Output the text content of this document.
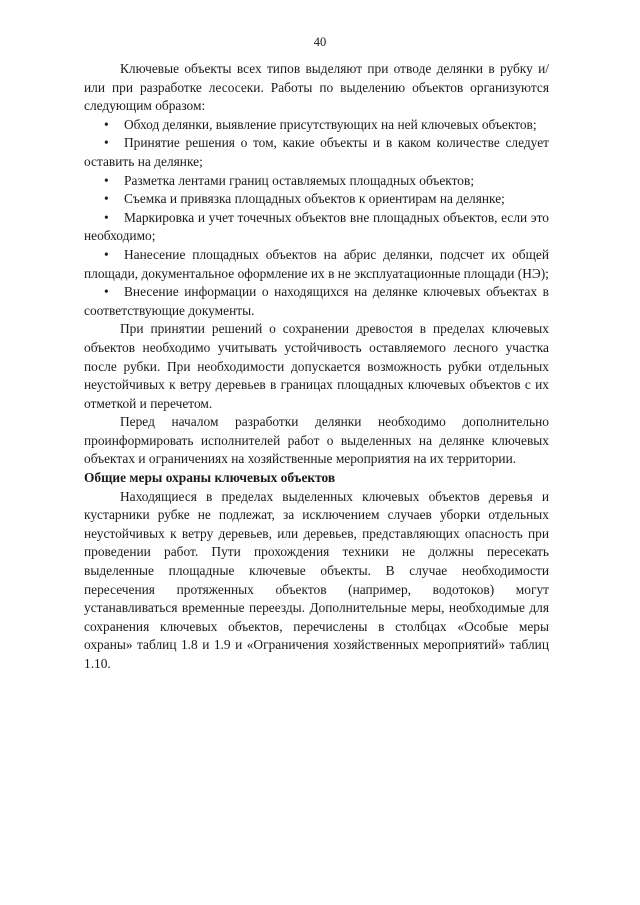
40

Ключевые объекты всех типов выделяют при отводе делянки в рубку и/или при разработке лесосеки. Работы по выделению объектов организуются следующим образом:

• Обход делянки, выявление присутствующих на ней ключевых объектов;
• Принятие решения о том, какие объекты и в каком количестве следует оставить на делянке;
• Разметка лентами границ оставляемых площадных объектов;
• Съемка и привязка площадных объектов к ориентирам на делянке;
• Маркировка и учет точечных объектов вне площадных объектов, если это необходимо;
• Нанесение площадных объектов на абрис делянки, подсчет их общей площади, документальное оформление их в не эксплуатационные площади (НЭ);
• Внесение информации о находящихся на делянке ключевых объектах в соответствующие документы.

При принятии решений о сохранении древостоя в пределах ключевых объектов необходимо учитывать устойчивость оставляемого лесного участка после рубки. При необходимости допускается возможность рубки отдельных неустойчивых к ветру деревьев в границах площадных ключевых объектов с их отметкой и перечетом.

Перед началом разработки делянки необходимо дополнительно проинформировать исполнителей работ о выделенных на делянке ключевых объектах и ограничениях на хозяйственные мероприятия на их территории.

Общие меры охраны ключевых объектов

Находящиеся в пределах выделенных ключевых объектов деревья и кустарники рубке не подлежат, за исключением случаев уборки отдельных неустойчивых к ветру деревьев, или деревьев, представляющих опасность при проведении работ. Пути прохождения техники не должны пересекать выделенные площадные ключевые объекты. В случае необходимости пересечения протяженных объектов (например, водотоков) могут устанавливаться временные переезды. Дополнительные меры, необходимые для сохранения ключевых объектов, перечислены в столбцах «Особые меры охраны» таблиц 1.8 и 1.9 и «Ограничения хозяйственных мероприятий» таблиц 1.10.
